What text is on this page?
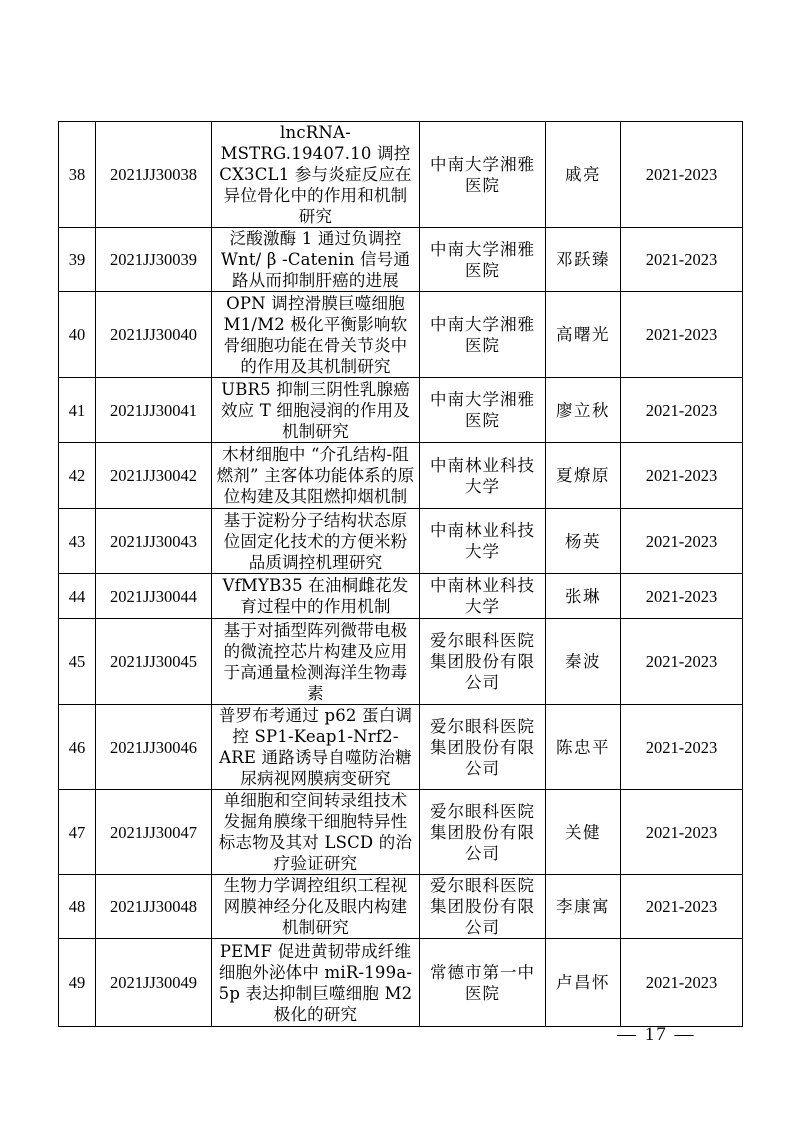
38	2021JJ30038	lncRNA-MSTRG.19407.10 调控 CX3CL1 参与炎症反应在异位骨化中的作用和机制研究	中南大学湘雅医院	戚亮	2021-2023
39	2021JJ30039	泛酸激酶 1 通过负调控 Wnt/ β -Catenin 信号通路从而抑制肝癌的进展	中南大学湘雅医院	邓跃臻	2021-2023
40	2021JJ30040	OPN 调控滑膜巨噬细胞 M1/M2 极化平衡影响软骨细胞功能在骨关节炎中的作用及其机制研究	中南大学湘雅医院	高曙光	2021-2023
41	2021JJ30041	UBR5 抑制三阴性乳腺癌效应 T 细胞浸润的作用及机制研究	中南大学湘雅医院	廖立秋	2021-2023
42	2021JJ30042	木材细胞中 “介孔结构-阻燃剂” 主客体功能体系的原位构建及其阻燃抑烟机制	中南林业科技大学	夏燎原	2021-2023
43	2021JJ30043	基于淀粉分子结构状态原位固定化技术的方便米粉品质调控机理研究	中南林业科技大学	杨英	2021-2023
44	2021JJ30044	VfMYB35 在油桐雌花发育过程中的作用机制	中南林业科技大学	张琳	2021-2023
45	2021JJ30045	基于对插型阵列微带电极的微流控芯片构建及应用于高通量检测海洋生物毒素	爱尔眼科医院集团股份有限公司	秦波	2021-2023
46	2021JJ30046	普罗布考通过 p62 蛋白调控 SP1-Keap1-Nrf2-ARE 通路诱导自噬防治糖尿病视网膜病变研究	爱尔眼科医院集团股份有限公司	陈忠平	2021-2023
47	2021JJ30047	单细胞和空间转录组技术发掘角膜缘干细胞特异性标志物及其对 LSCD 的治疗验证研究	爱尔眼科医院集团股份有限公司	关健	2021-2023
48	2021JJ30048	生物力学调控组织工程视网膜神经分化及眼内构建机制研究	爱尔眼科医院集团股份有限公司	李康寓	2021-2023
49	2021JJ30049	PEMF 促进黄韧带成纤维细胞外泌体中 miR-199a-5p 表达抑制巨噬细胞 M2 极化的研究	常德市第一中医院	卢昌怀	2021-2023
— 17 —
